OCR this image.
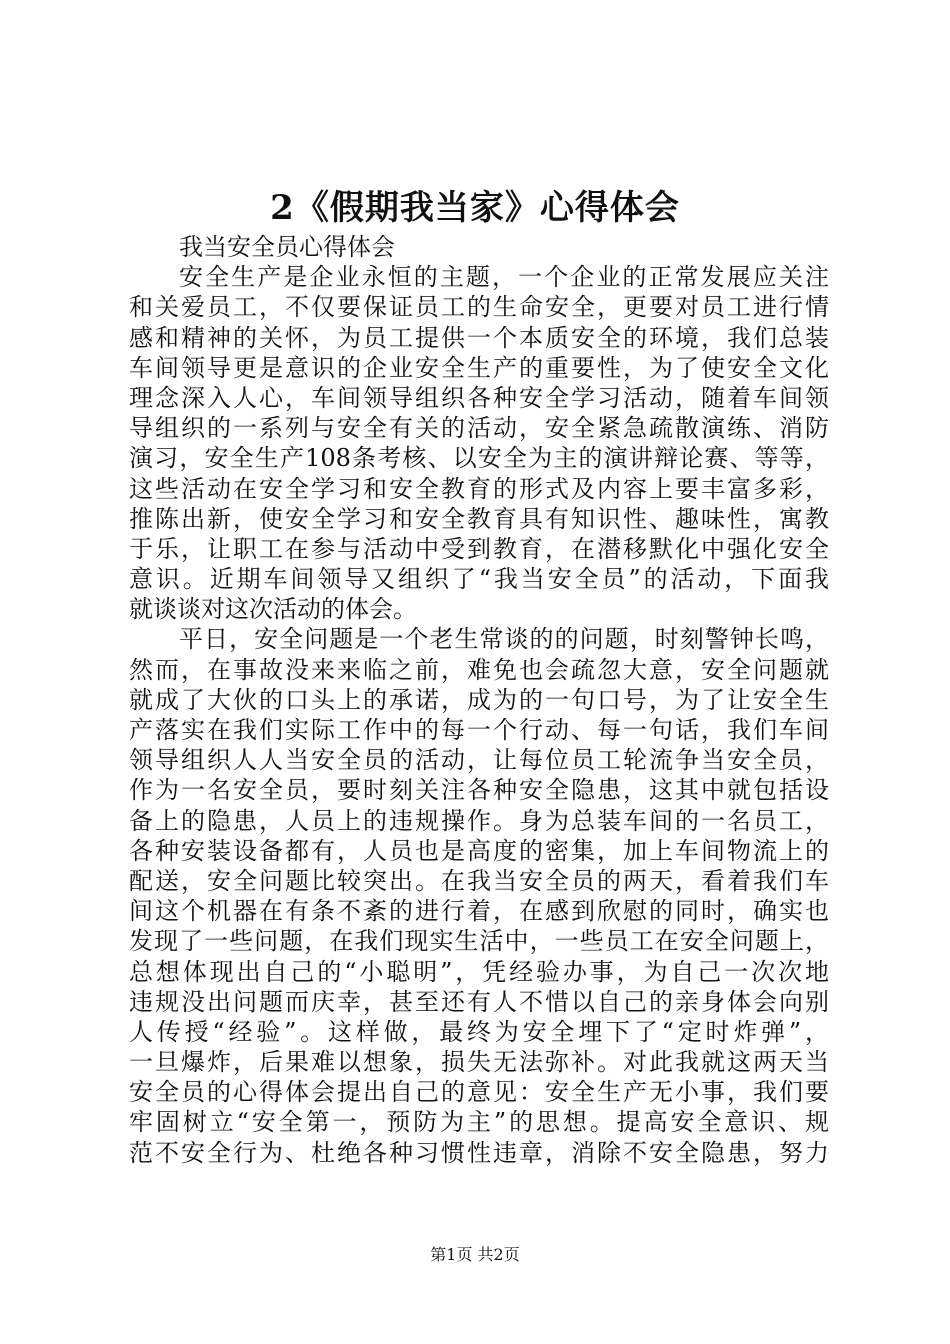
2《假期我当家》心得体会
我当安全员心得体会
安全生产是企业永恒的主题，一个企业的正常发展应关注
和关爱员工，不仅要保证员工的生命安全，更要对员工进行情
感和精神的关怀，为员工提供一个本质安全的环境，我们总装
车间领导更是意识的企业安全生产的重要性，为了使安全文化
理念深入人心，车间领导组织各种安全学习活动，随着车间领
导组织的一系列与安全有关的活动，安全紧急疏散演练、消防
演习，安全生产108条考核、以安全为主的演讲辩论赛、等等，
这些活动在安全学习和安全教育的形式及内容上要丰富多彩，
推陈出新，使安全学习和安全教育具有知识性、趣味性，寓教
于乐，让职工在参与活动中受到教育，在潜移默化中强化安全
意识。近期车间领导又组织了“我当安全员”的活动，下面我
就谈谈对这次活动的体会。
平日，安全问题是一个老生常谈的的问题，时刻警钟长鸣，
然而，在事故没来来临之前，难免也会疏忽大意，安全问题就
就成了大伙的口头上的承诺，成为的一句口号，为了让安全生
产落实在我们实际工作中的每一个行动、每一句话，我们车间
领导组织人人当安全员的活动，让每位员工轮流争当安全员，
作为一名安全员，要时刻关注各种安全隐患，这其中就包括设
备上的隐患，人员上的违规操作。身为总装车间的一名员工，
各种安装设备都有，人员也是高度的密集，加上车间物流上的
配送，安全问题比较突出。在我当安全员的两天，看着我们车
间这个机器在有条不紊的进行着，在感到欣慰的同时，确实也
发现了一些问题，在我们现实生活中，一些员工在安全问题上，
总想体现出自己的“小聪明”，凭经验办事，为自己一次次地
违规没出问题而庆幸，甚至还有人不惜以自己的亲身体会向别
人传授“经验”。这样做，最终为安全埋下了“定时炸弹”，
一旦爆炸，后果难以想象，损失无法弥补。对此我就这两天当
安全员的心得体会提出自己的意见：安全生产无小事，我们要
牢固树立“安全第一，预防为主”的思想。提高安全意识、规
范不安全行为、杜绝各种习惯性违章，消除不安全隐患，努力
第1页 共2页
